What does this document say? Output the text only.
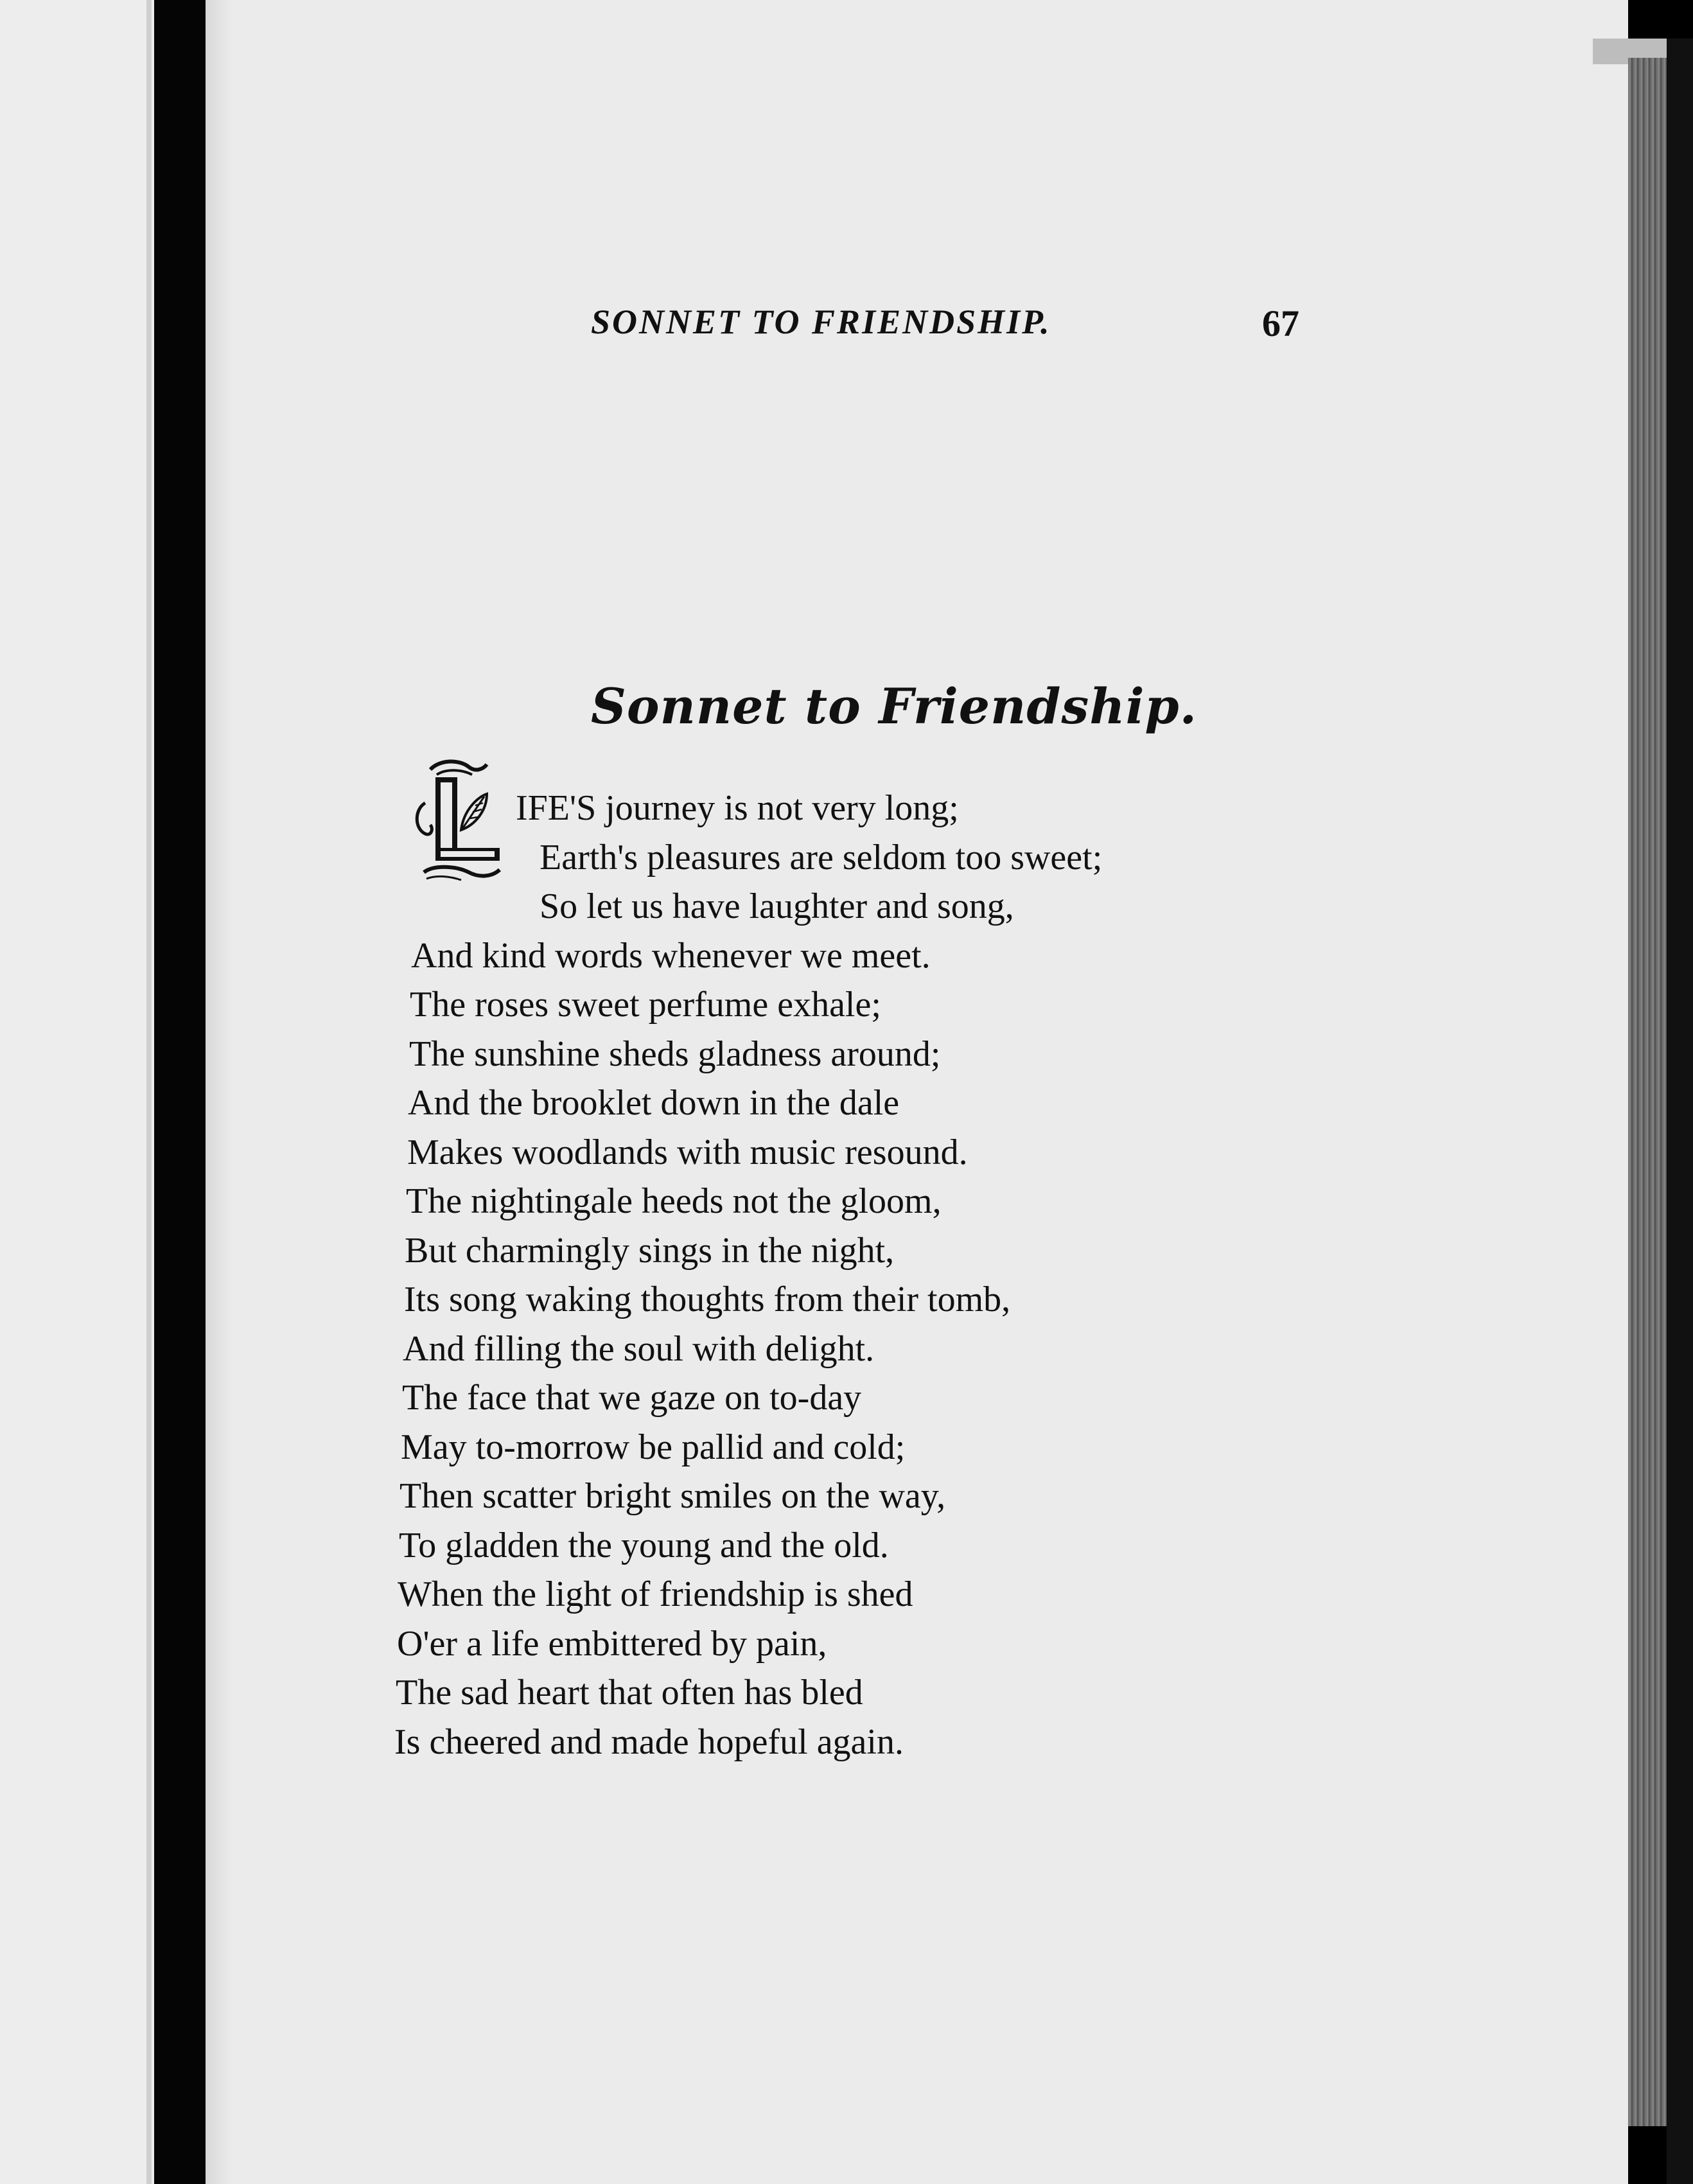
SONNET TO FRIENDSHIP.	67
Sonnet to Friendship.
IFE'S journey is not very long;
Earth's pleasures are seldom too sweet;
So let us have laughter and song,
And kind words whenever we meet.
The roses sweet perfume exhale;
The sunshine sheds gladness around;
And the brooklet down in the dale
Makes woodlands with music resound.
The nightingale heeds not the gloom,
But charmingly sings in the night,
Its song waking thoughts from their tomb,
And filling the soul with delight.
The face that we gaze on to-day
May to-morrow be pallid and cold;
Then scatter bright smiles on the way,
To gladden the young and the old.
When the light of friendship is shed
O'er a life embittered by pain,
The sad heart that often has bled
Is cheered and made hopeful again.
